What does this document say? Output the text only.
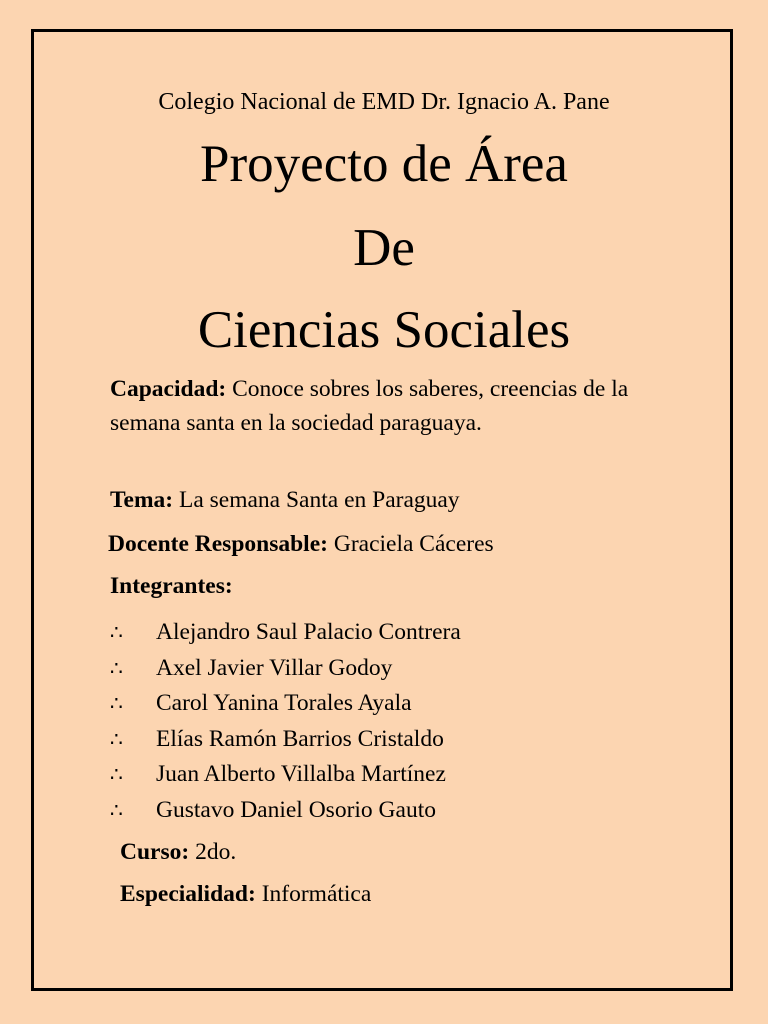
Colegio Nacional de EMD Dr. Ignacio A. Pane
Proyecto de Área
De
Ciencias Sociales

Capacidad: Conoce sobres los saberes, creencias de la semana santa en la sociedad paraguaya.

Tema: La semana Santa en Paraguay

Docente Responsable: Graciela Cáceres

Integrantes:

∴ Alejandro Saul Palacio Contrera
∴ Axel Javier Villar Godoy
∴ Carol Yanina Torales Ayala
∴ Elías Ramón Barrios Cristaldo
∴ Juan Alberto Villalba Martínez
∴ Gustavo Daniel Osorio Gauto

Curso: 2do.

Especialidad: Informática
